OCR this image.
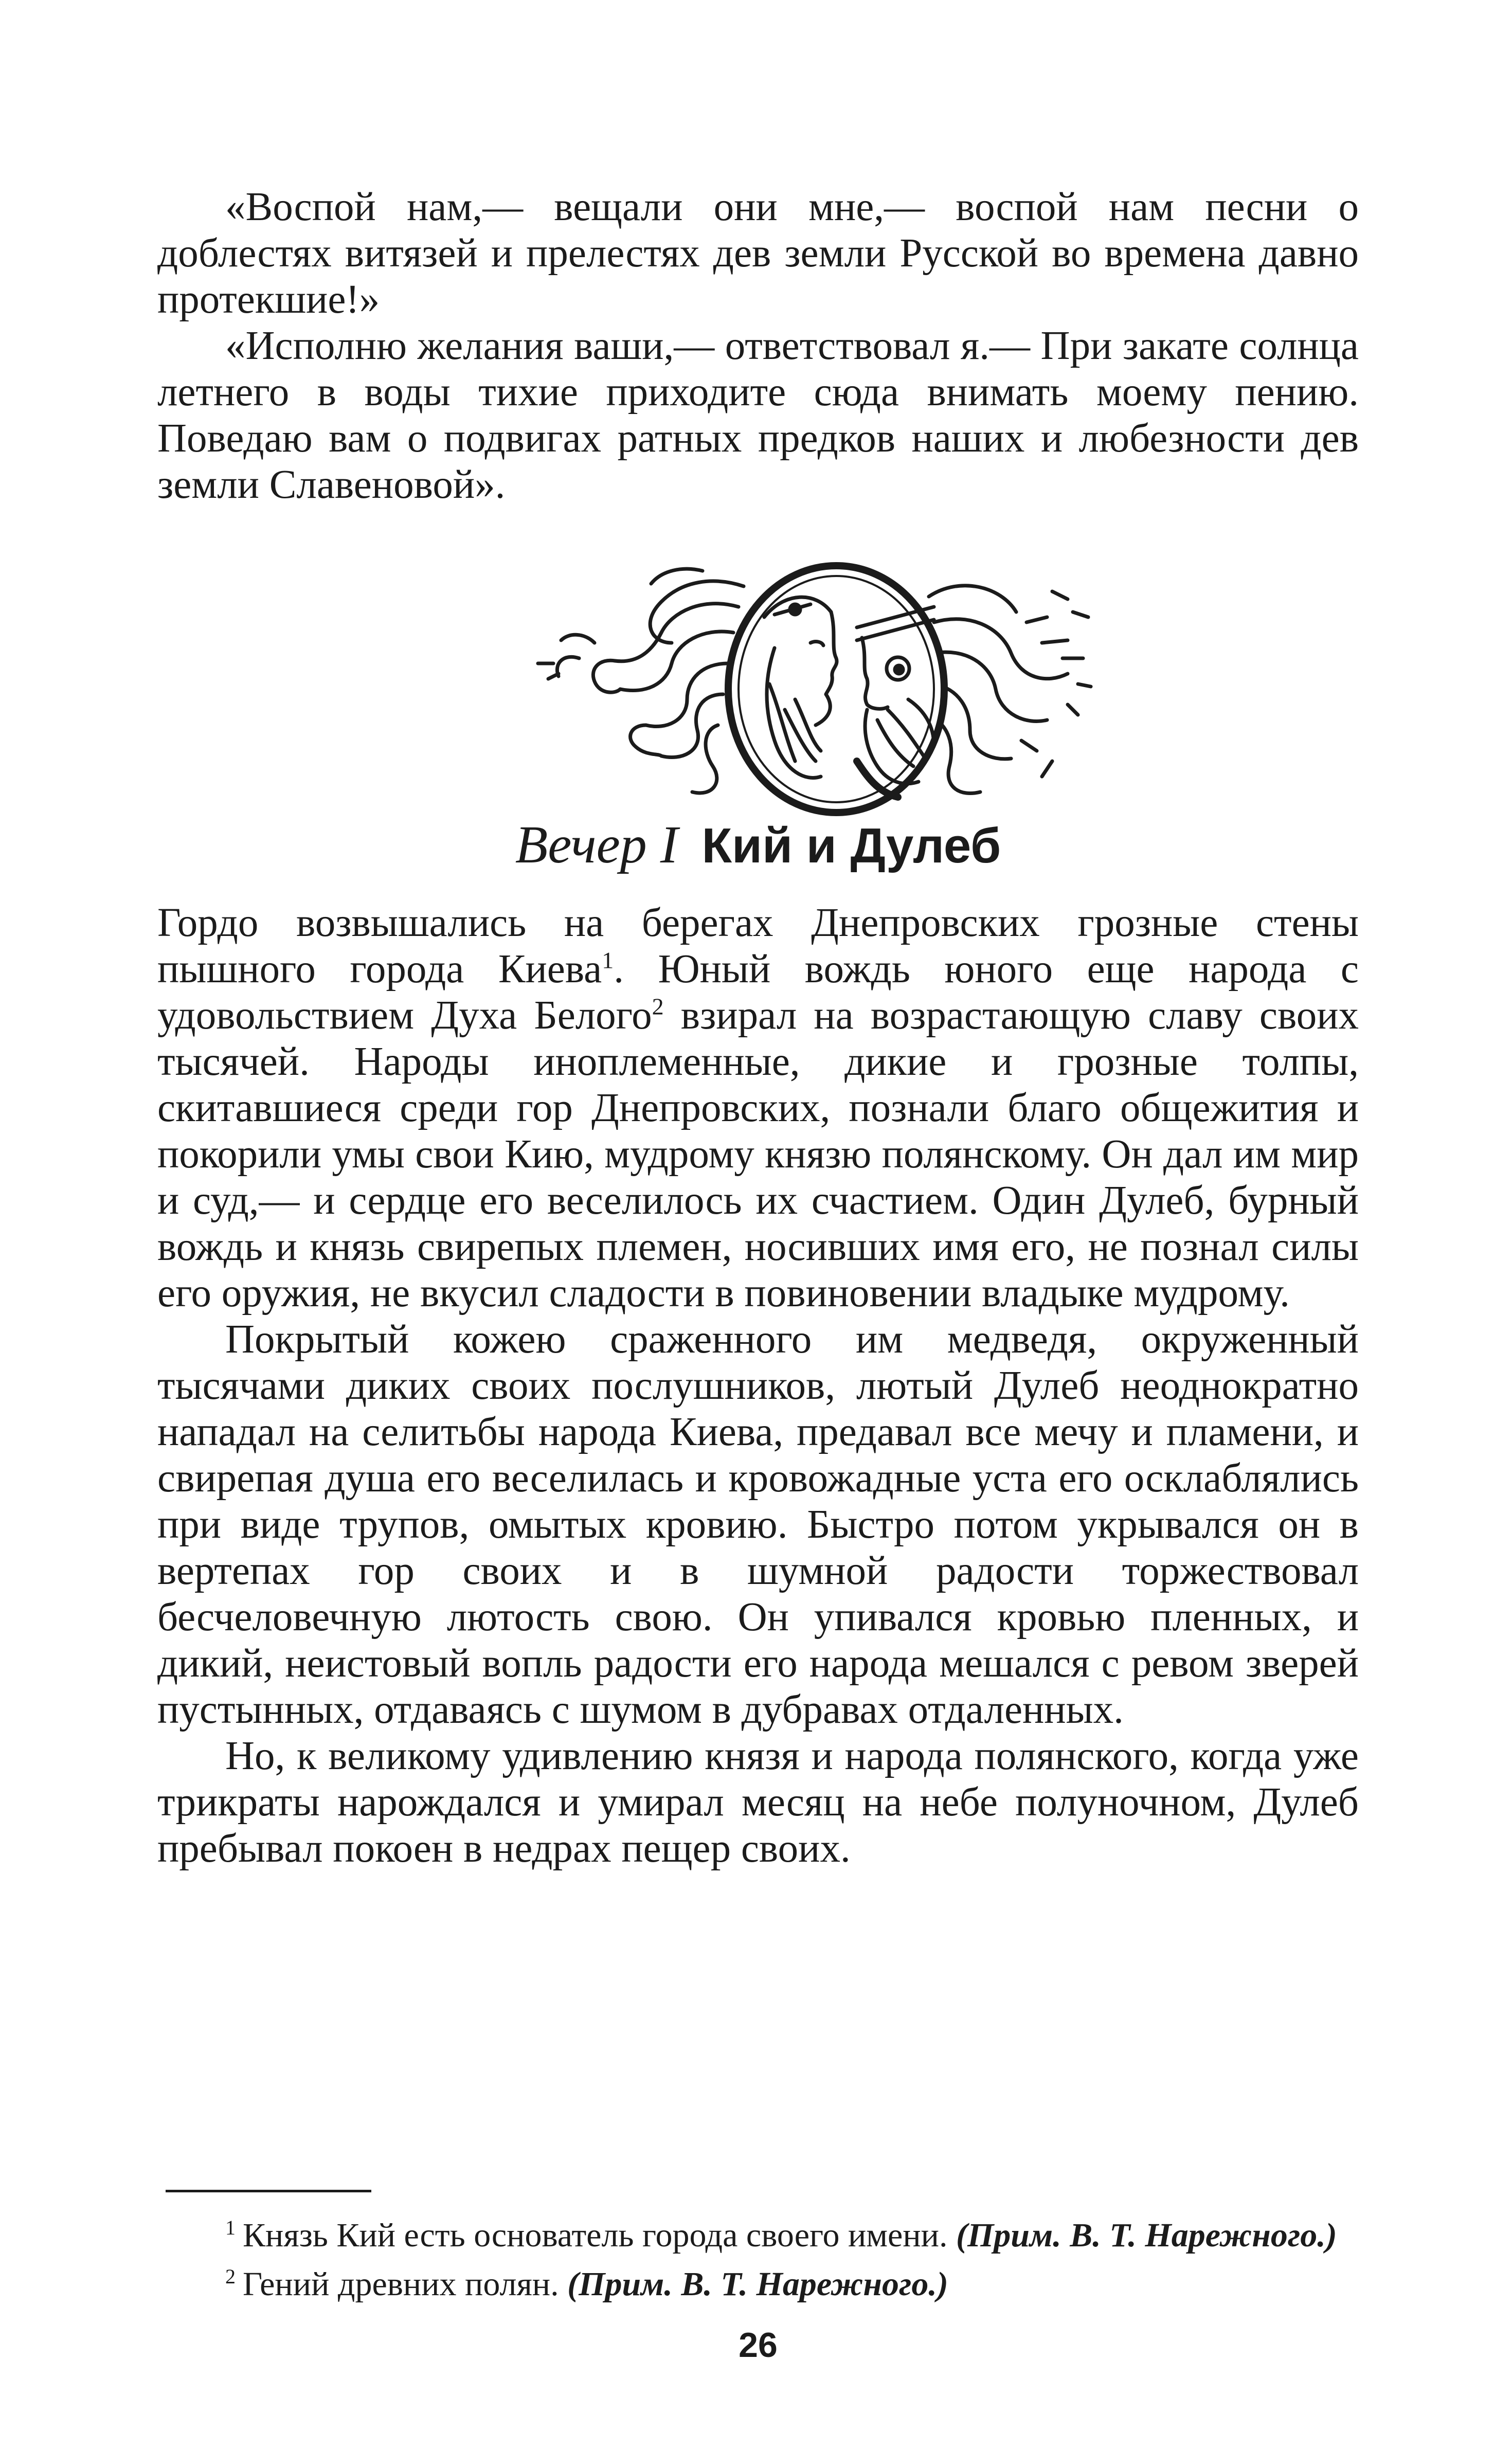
«Воспой нам,— вещали они мне,— воспой нам песни о доблестях витязей и прелестях дев земли Русской во времена давно протекшие!»

«Исполню желания ваши,— ответствовал я.— При закате солнца летнего в воды тихие приходите сюда внимать моему пению. Поведаю вам о подвигах ратных предков наших и любезности дев земли Славеновой».

Вечер I Кий и Дулеб

Гордо возвышались на берегах Днепровских грозные стены пышного города Киева$^1$. Юный вождь юного еще народа с удовольствием Духа Белого$^2$ взирал на возрастающую славу своих тысячей. Народы иноплеменные, дикие и грозные толпы, скитавшиеся среди гор Днепровских, познали благо общежития и покорили умы свои Кию, мудрому князю полянскому. Он дал им мир и суд,— и сердце его веселилось их счастием. Один Дулеб, бурный вождь и князь свирепых племен, носивших имя его, не познал силы его оружия, не вкусил сладости в повиновении владыке мудрому.

Покрытый кожею сраженного им медведя, окруженный тысячами диких своих послушников, лютый Дулеб неоднократно нападал на селитьбы народа Киева, предавал все мечу и пламени, и свирепая душа его веселилась и кровожадные уста его осклаблялись при виде трупов, омытых кровию. Быстро потом укрывался он в вертепах гор своих и в шумной радости торжествовал бесчеловечную лютость свою. Он упивался кровью пленных, и дикий, неистовый вопль радости его народа мешался с ревом зверей пустынных, отдаваясь с шумом в дубравах отдаленных.

Но, к великому удивлению князя и народа полянского, когда уже трикраты нарождался и умирал месяц на небе полуночном, Дулеб пребывал покоен в недрах пещер своих.

$^1$ Князь Кий есть основатель города своего имени. (Прим. В. Т. Нарежного.)

$^2$ Гений древних полян. (Прим. В. Т. Нарежного.)

26
